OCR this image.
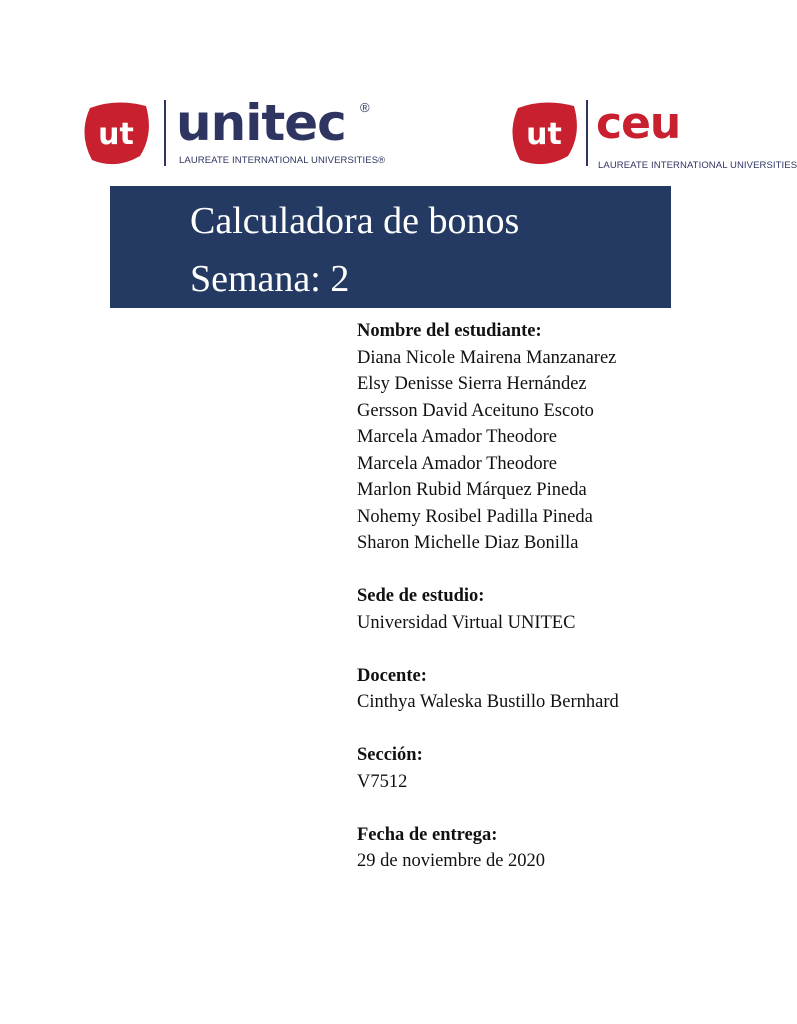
ut unitec ®
LAUREATE INTERNATIONAL UNIVERSITIES®
ut ceu
LAUREATE INTERNATIONAL UNIVERSITIES
Calculadora de bonos
Semana: 2
Nombre del estudiante:
Diana Nicole Mairena Manzanarez
Elsy Denisse Sierra Hernández
Gersson David Aceituno Escoto
Marcela Amador Theodore
Marcela Amador Theodore
Marlon Rubid Márquez Pineda
Nohemy Rosibel Padilla Pineda
Sharon Michelle Diaz Bonilla
Sede de estudio:
Universidad Virtual UNITEC
Docente:
Cinthya Waleska Bustillo Bernhard
Sección:
V7512
Fecha de entrega:
29 de noviembre de 2020
